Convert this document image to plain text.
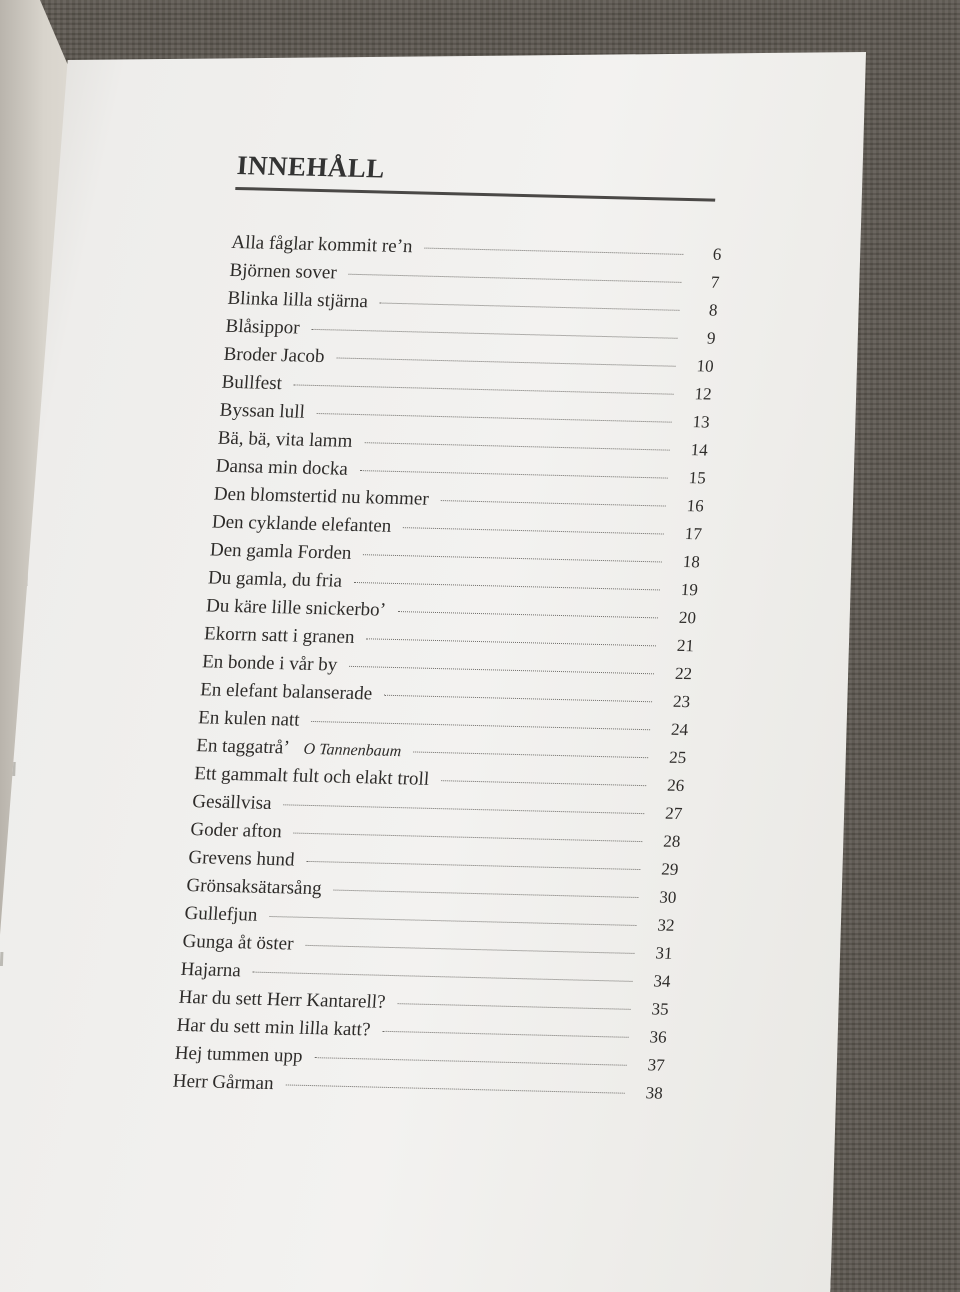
INNEHÅLL
Alla fåglar kommit re’n	6
Björnen sover	7
Blinka lilla stjärna	8
Blåsippor	9
Broder Jacob	10
Bullfest	12
Byssan lull	13
Bä, bä, vita lamm	14
Dansa min docka	15
Den blomstertid nu kommer	16
Den cyklande elefanten	17
Den gamla Forden	18
Du gamla, du fria	19
Du käre lille snickerbo’	20
Ekorrn satt i granen	21
En bonde i vår by	22
En elefant balanserade	23
En kulen natt	24
En taggatrå’ O Tannenbaum	25
Ett gammalt fult och elakt troll	26
Gesällvisa	27
Goder afton	28
Grevens hund	29
Grönsaksätarsång	30
Gullefjun	32
Gunga åt öster	31
Hajarna	34
Har du sett Herr Kantarell?	35
Har du sett min lilla katt?	36
Hej tummen upp	37
Herr Gårman	38
